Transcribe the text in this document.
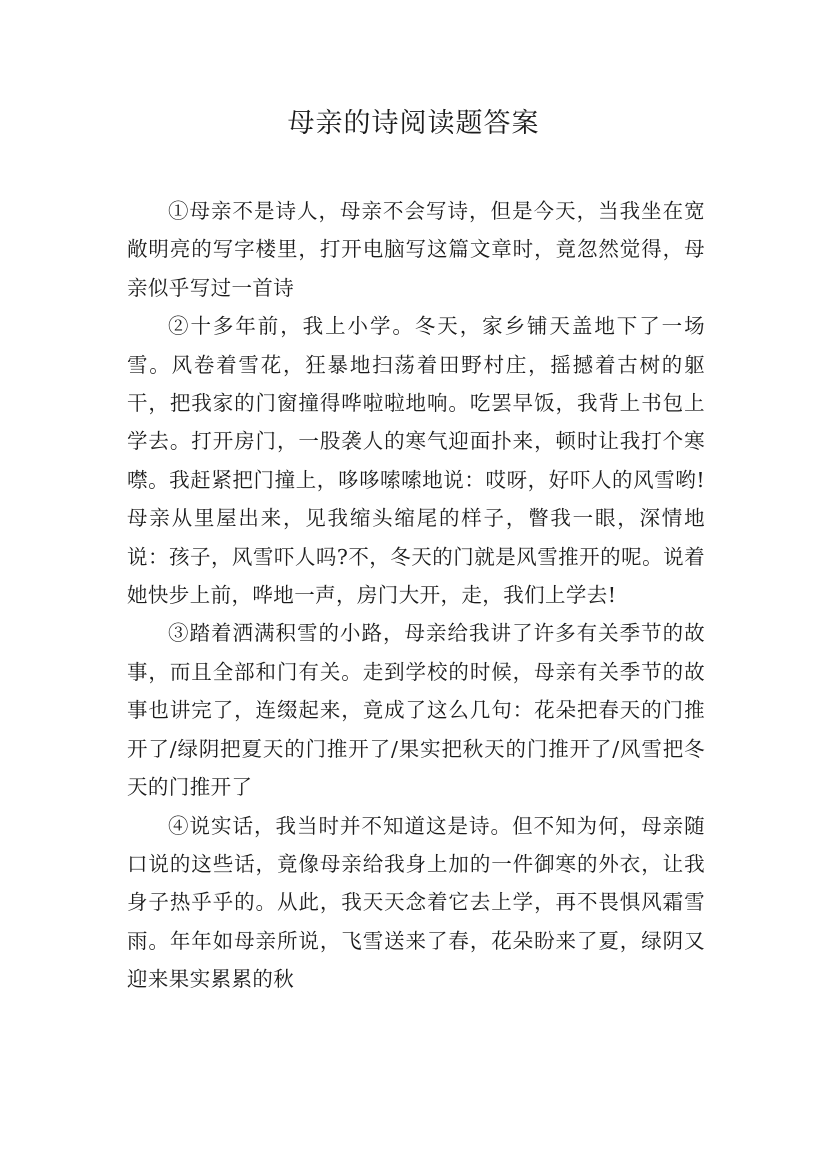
母亲的诗阅读题答案

①母亲不是诗人，母亲不会写诗，但是今天，当我坐在宽敞明亮的写字楼里，打开电脑写这篇文章时，竟忽然觉得，母亲似乎写过一首诗

②十多年前，我上小学。冬天，家乡铺天盖地下了一场雪。风卷着雪花，狂暴地扫荡着田野村庄，摇撼着古树的躯干，把我家的门窗撞得哗啦啦地响。吃罢早饭，我背上书包上学去。打开房门，一股袭人的寒气迎面扑来，顿时让我打个寒噤。我赶紧把门撞上，哆哆嗦嗦地说：哎呀，好吓人的风雪哟!母亲从里屋出来，见我缩头缩尾的样子，瞥我一眼，深情地说：孩子，风雪吓人吗?不，冬天的门就是风雪推开的呢。说着她快步上前，哗地一声，房门大开，走，我们上学去!

③踏着洒满积雪的小路，母亲给我讲了许多有关季节的故事，而且全部和门有关。走到学校的时候，母亲有关季节的故事也讲完了，连缀起来，竟成了这么几句：花朵把春天的门推开了/绿阴把夏天的门推开了/果实把秋天的门推开了/风雪把冬天的门推开了

④说实话，我当时并不知道这是诗。但不知为何，母亲随口说的这些话，竟像母亲给我身上加的一件御寒的外衣，让我身子热乎乎的。从此，我天天念着它去上学，再不畏惧风霜雪雨。年年如母亲所说，飞雪送来了春，花朵盼来了夏，绿阴又迎来果实累累的秋
